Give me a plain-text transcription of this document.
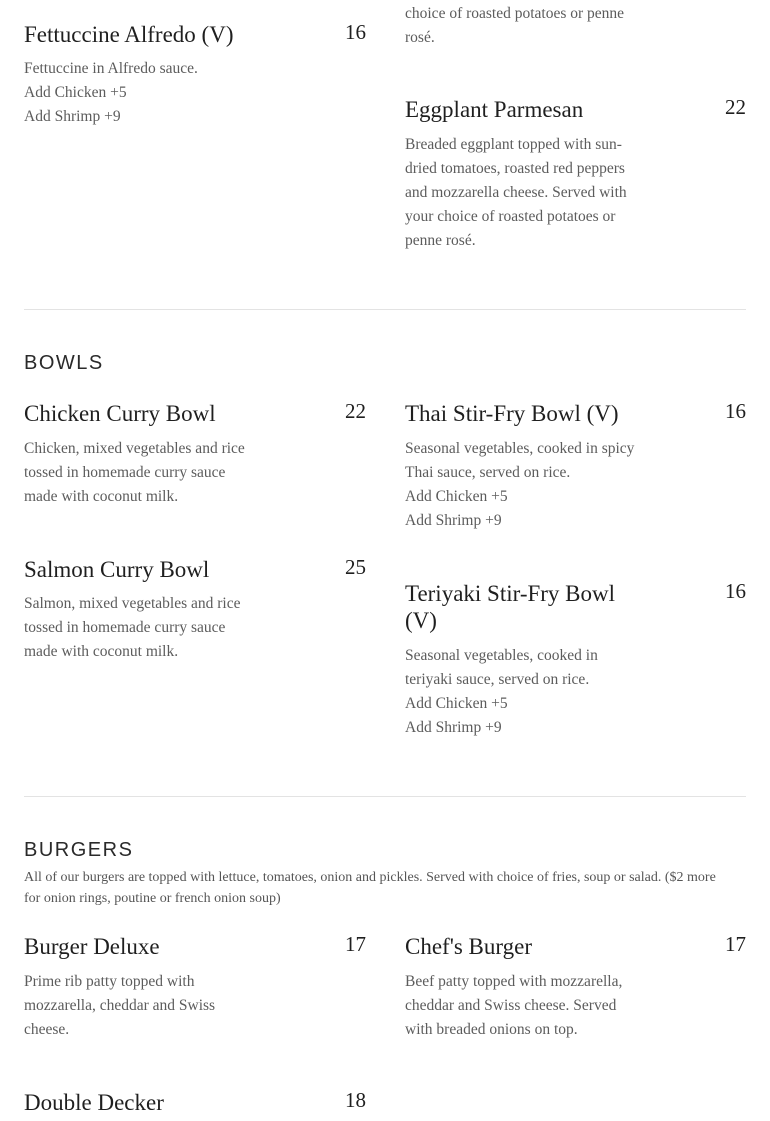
Fettuccine Alfredo (V)	16
Fettuccine in Alfredo sauce.
Add Chicken +5
Add Shrimp +9
choice of roasted potatoes or penne
rosé.
Eggplant Parmesan	22
Breaded eggplant topped with sun-
dried tomatoes, roasted red peppers
and mozzarella cheese. Served with
your choice of roasted potatoes or
penne rosé.
BOWLS
Chicken Curry Bowl	22
Chicken, mixed vegetables and rice
tossed in homemade curry sauce
made with coconut milk.
Thai Stir-Fry Bowl (V)	16
Seasonal vegetables, cooked in spicy
Thai sauce, served on rice.
Add Chicken +5
Add Shrimp +9
Salmon Curry Bowl	25
Salmon, mixed vegetables and rice
tossed in homemade curry sauce
made with coconut milk.
Teriyaki Stir-Fry Bowl
(V)
16
Seasonal vegetables, cooked in
teriyaki sauce, served on rice.
Add Chicken +5
Add Shrimp +9
BURGERS
All of our burgers are topped with lettuce, tomatoes, onion and pickles. Served with choice of fries, soup or salad. ($2 more
for onion rings, poutine or french onion soup)
Burger Deluxe	17
Prime rib patty topped with
mozzarella, cheddar and Swiss
cheese.
Chef's Burger	17
Beef patty topped with mozzarella,
cheddar and Swiss cheese. Served
with breaded onions on top.
Double Decker	18
